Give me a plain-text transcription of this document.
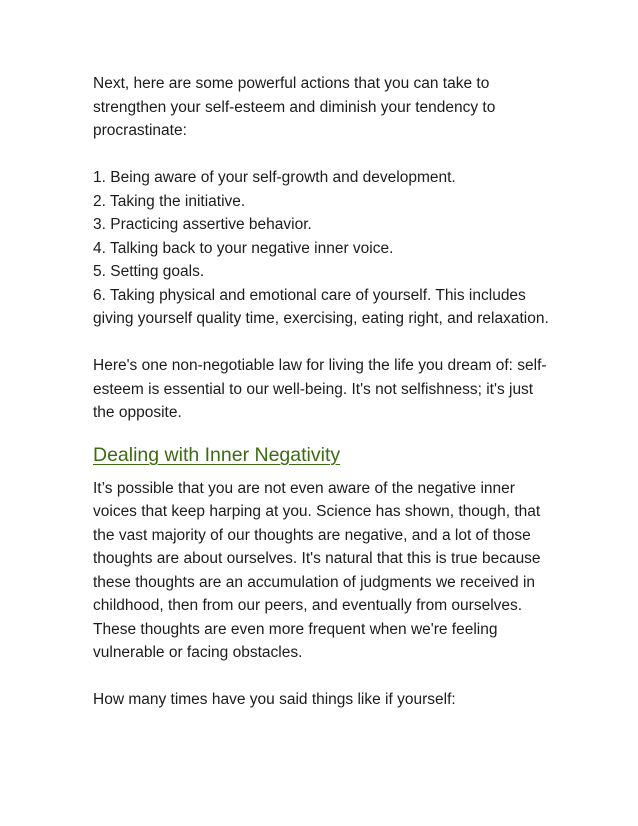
Next, here are some powerful actions that you can take to strengthen your self-esteem and diminish your tendency to procrastinate:

1. Being aware of your self-growth and development.
2. Taking the initiative.
3. Practicing assertive behavior.
4. Talking back to your negative inner voice.
5. Setting goals.
6. Taking physical and emotional care of yourself. This includes giving yourself quality time, exercising, eating right, and relaxation.

Here's one non-negotiable law for living the life you dream of: self-esteem is essential to our well-being. It's not selfishness; it's just the opposite.

Dealing with Inner Negativity

It’s possible that you are not even aware of the negative inner voices that keep harping at you. Science has shown, though, that the vast majority of our thoughts are negative, and a lot of those thoughts are about ourselves. It's natural that this is true because these thoughts are an accumulation of judgments we received in childhood, then from our peers, and eventually from ourselves. These thoughts are even more frequent when we're feeling vulnerable or facing obstacles.

How many times have you said things like if yourself:
